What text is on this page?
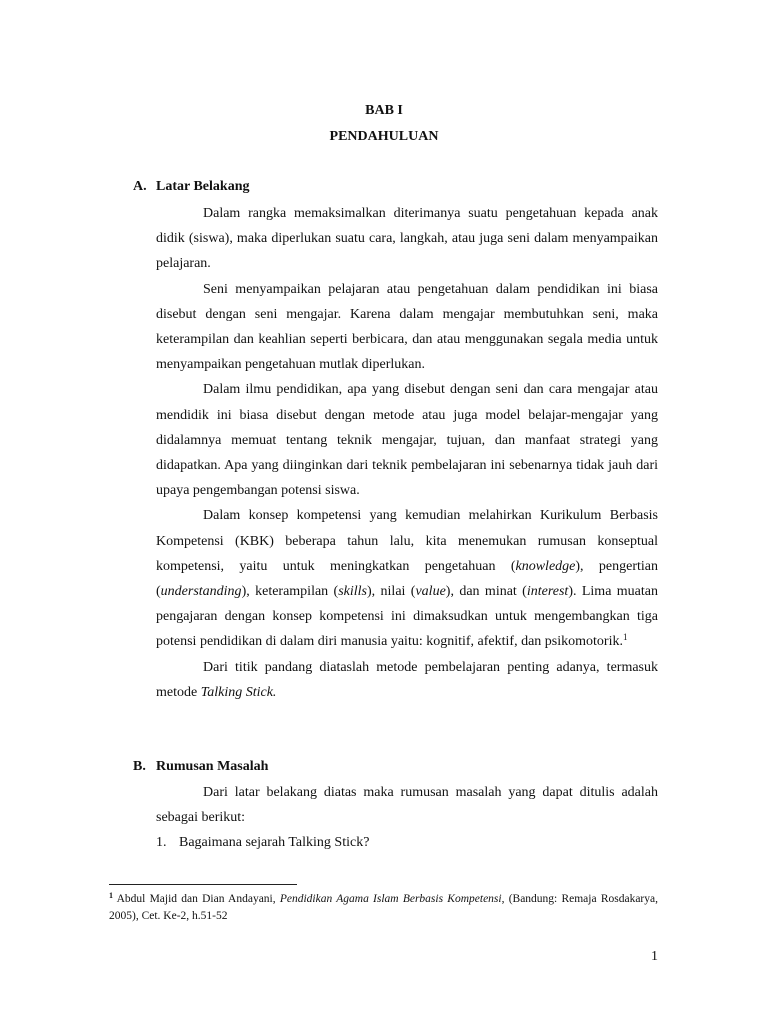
BAB I

PENDAHULUAN

A. Latar Belakang

Dalam rangka memaksimalkan diterimanya suatu pengetahuan kepada anak didik (siswa), maka diperlukan suatu cara, langkah, atau juga seni dalam menyampaikan pelajaran.

Seni menyampaikan pelajaran atau pengetahuan dalam pendidikan ini biasa disebut dengan seni mengajar. Karena dalam mengajar membutuhkan seni, maka keterampilan dan keahlian seperti berbicara, dan atau menggunakan segala media untuk menyampaikan pengetahuan mutlak diperlukan.

Dalam ilmu pendidikan, apa yang disebut dengan seni dan cara mengajar atau mendidik ini biasa disebut dengan metode atau juga model belajar-mengajar yang didalamnya memuat tentang teknik mengajar, tujuan, dan manfaat strategi yang didapatkan. Apa yang diinginkan dari teknik pembelajaran ini sebenarnya tidak jauh dari upaya pengembangan potensi siswa.

Dalam konsep kompetensi yang kemudian melahirkan Kurikulum Berbasis Kompetensi (KBK) beberapa tahun lalu, kita menemukan rumusan konseptual kompetensi, yaitu untuk meningkatkan pengetahuan (knowledge), pengertian (understanding), keterampilan (skills), nilai (value), dan minat (interest). Lima muatan pengajaran dengan konsep kompetensi ini dimaksudkan untuk mengembangkan tiga potensi pendidikan di dalam diri manusia yaitu: kognitif, afektif, dan psikomotorik.$^1$

Dari titik pandang diataslah metode pembelajaran penting adanya, termasuk metode Talking Stick.

B. Rumusan Masalah

Dari latar belakang diatas maka rumusan masalah yang dapat ditulis adalah sebagai berikut:

1. Bagaimana sejarah Talking Stick?

$^1$ Abdul Majid dan Dian Andayani, Pendidikan Agama Islam Berbasis Kompetensi, (Bandung: Remaja Rosdakarya, 2005), Cet. Ke-2, h.51-52

1
